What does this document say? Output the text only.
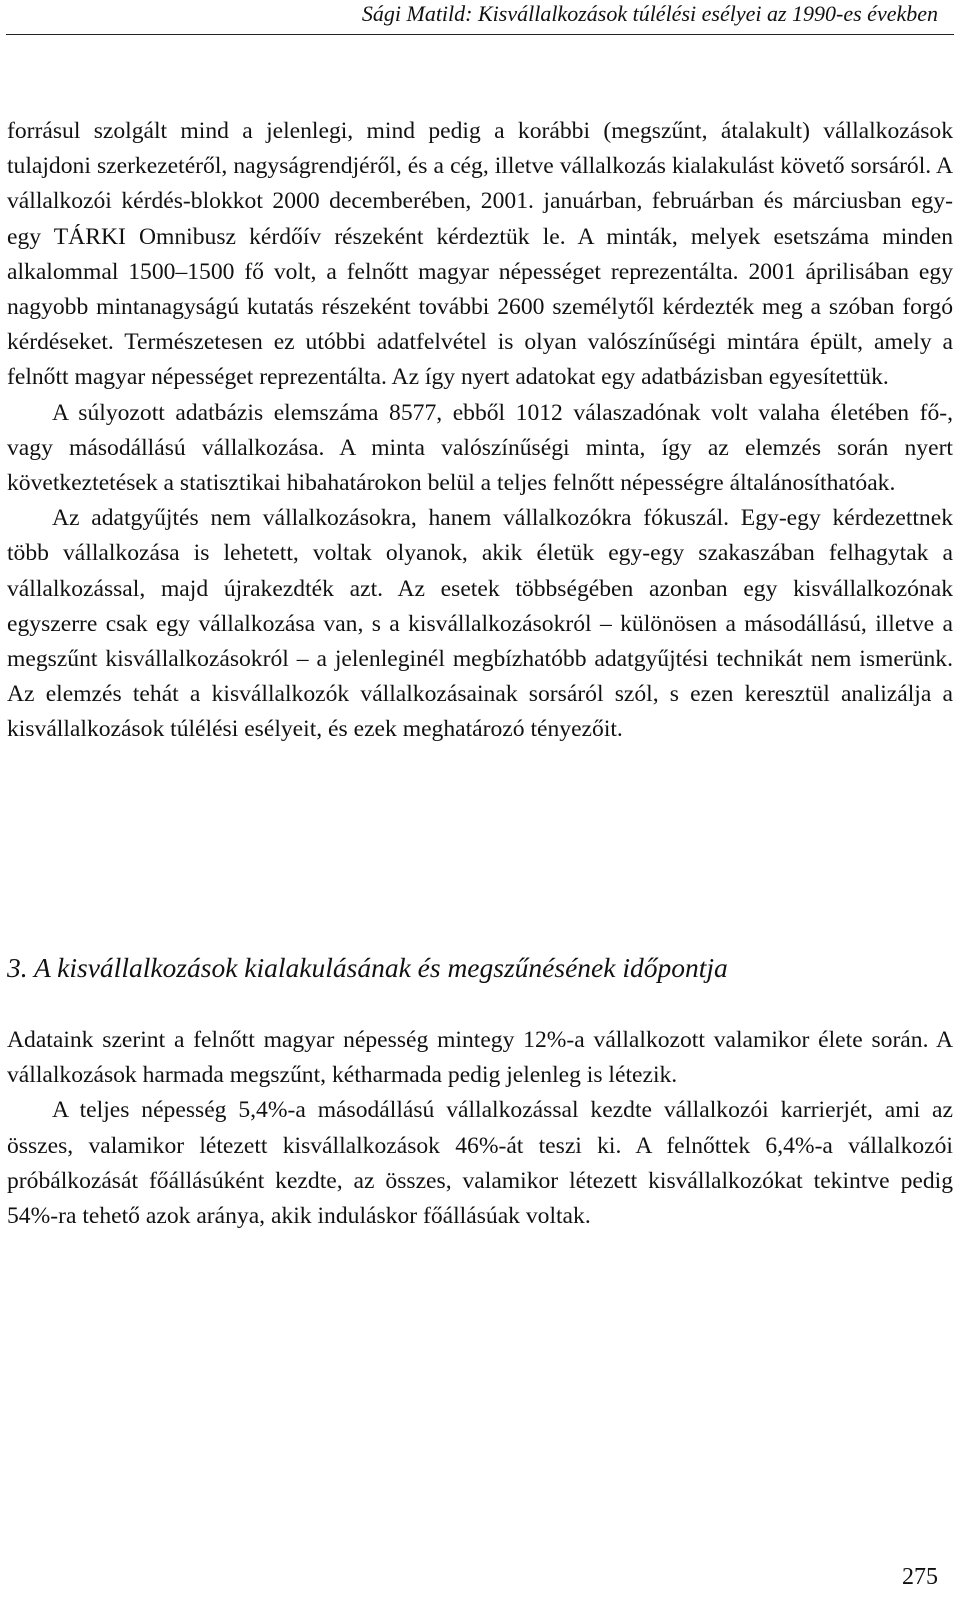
Sági Matild: Kisvállalkozások túlélési esélyei az 1990-es években

forrásul szolgált mind a jelenlegi, mind pedig a korábbi (megszűnt, átalakult) vállalkozások tulajdoni szerkezetéről, nagyságrendjéről, és a cég, illetve vállalkozás kialakulást követő sorsáról. A vállalkozói kérdés-blokkot 2000 decemberében, 2001. januárban, februárban és márciusban egy-egy TÁRKI Omnibusz kérdőív részeként kérdeztük le. A minták, melyek esetszáma minden alkalommal 1500–1500 fő volt, a felnőtt magyar népességet reprezentálta. 2001 áprilisában egy nagyobb mintanagyságú kutatás részeként további 2600 személytől kérdezték meg a szóban forgó kérdéseket. Természetesen ez utóbbi adatfelvétel is olyan valószínűségi mintára épült, amely a felnőtt magyar népességet reprezentálta. Az így nyert adatokat egy adatbázisban egyesítettük.

A súlyozott adatbázis elemszáma 8577, ebből 1012 válaszadónak volt valaha életében fő-, vagy másodállású vállalkozása. A minta valószínűségi minta, így az elemzés során nyert következtetések a statisztikai hibahatárokon belül a teljes felnőtt népességre általánosíthatóak.

Az adatgyűjtés nem vállalkozásokra, hanem vállalkozókra fókuszál. Egy-egy kérdezettnek több vállalkozása is lehetett, voltak olyanok, akik életük egy-egy szakaszában felhagytak a vállalkozással, majd újrakezdték azt. Az esetek többségében azonban egy kisvállalkozónak egyszerre csak egy vállalkozása van, s a kisvállalkozásokról – különösen a másodállású, illetve a megszűnt kisvállalkozásokról – a jelenleginél megbízhatóbb adatgyűjtési technikát nem ismerünk. Az elemzés tehát a kisvállalkozók vállalkozásainak sorsáról szól, s ezen keresztül analizálja a kisvállalkozások túlélési esélyeit, és ezek meghatározó tényezőit.

3. A kisvállalkozások kialakulásának és megszűnésének időpontja

Adataink szerint a felnőtt magyar népesség mintegy 12%-a vállalkozott valamikor élete során. A vállalkozások harmada megszűnt, kétharmada pedig jelenleg is létezik.

A teljes népesség 5,4%-a másodállású vállalkozással kezdte vállalkozói karrierjét, ami az összes, valamikor létezett kisvállalkozások 46%-át teszi ki. A felnőttek 6,4%-a vállalkozói próbálkozását főállásúként kezdte, az összes, valamikor létezett kisvállalkozókat tekintve pedig 54%-ra tehető azok aránya, akik induláskor főállásúak voltak.

275
